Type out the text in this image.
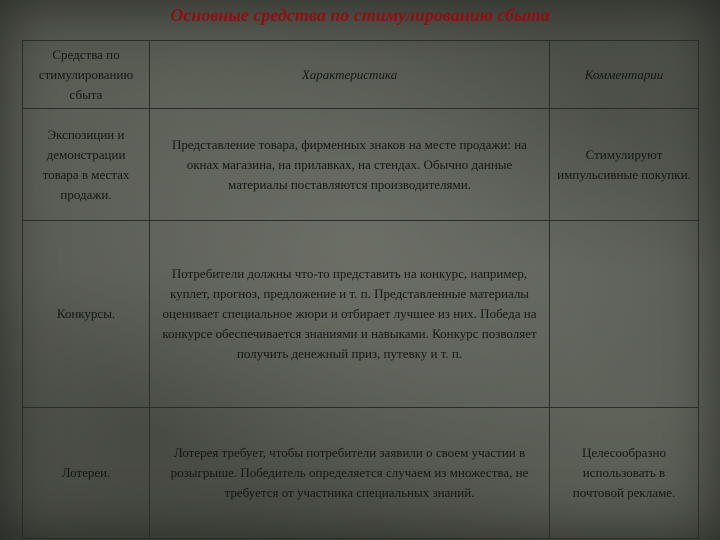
Основные средства по стимулированию сбыта
Средства по стимулированию сбыта	Характеристика	Комментарии
Экспозиции и демонстрации товара в местах продажи.	Представление товара, фирменных знаков на месте продажи: на окнах магазина, на прилавках, на стендах. Обычно данные материалы поставляются производителями.	Стимулируют импульсивные покупки.
Конкурсы.	Потребители должны что-то представить на конкурс, например, куплет, прогноз, предложение и т. п. Представленные материалы оценивает специальное жюри и отбирает лучшее из них. Победа на конкурсе обеспечивается знаниями и навыками. Конкурс позволяет получить денежный приз, путевку и т. п.	
Лотереи.	Лотерея требует, чтобы потребители заявили о своем участии в розыгрыше. Победитель определяется случаем из множества, не требуется от участника специальных знаний.	Целесообразно использовать в почтовой рекламе.
